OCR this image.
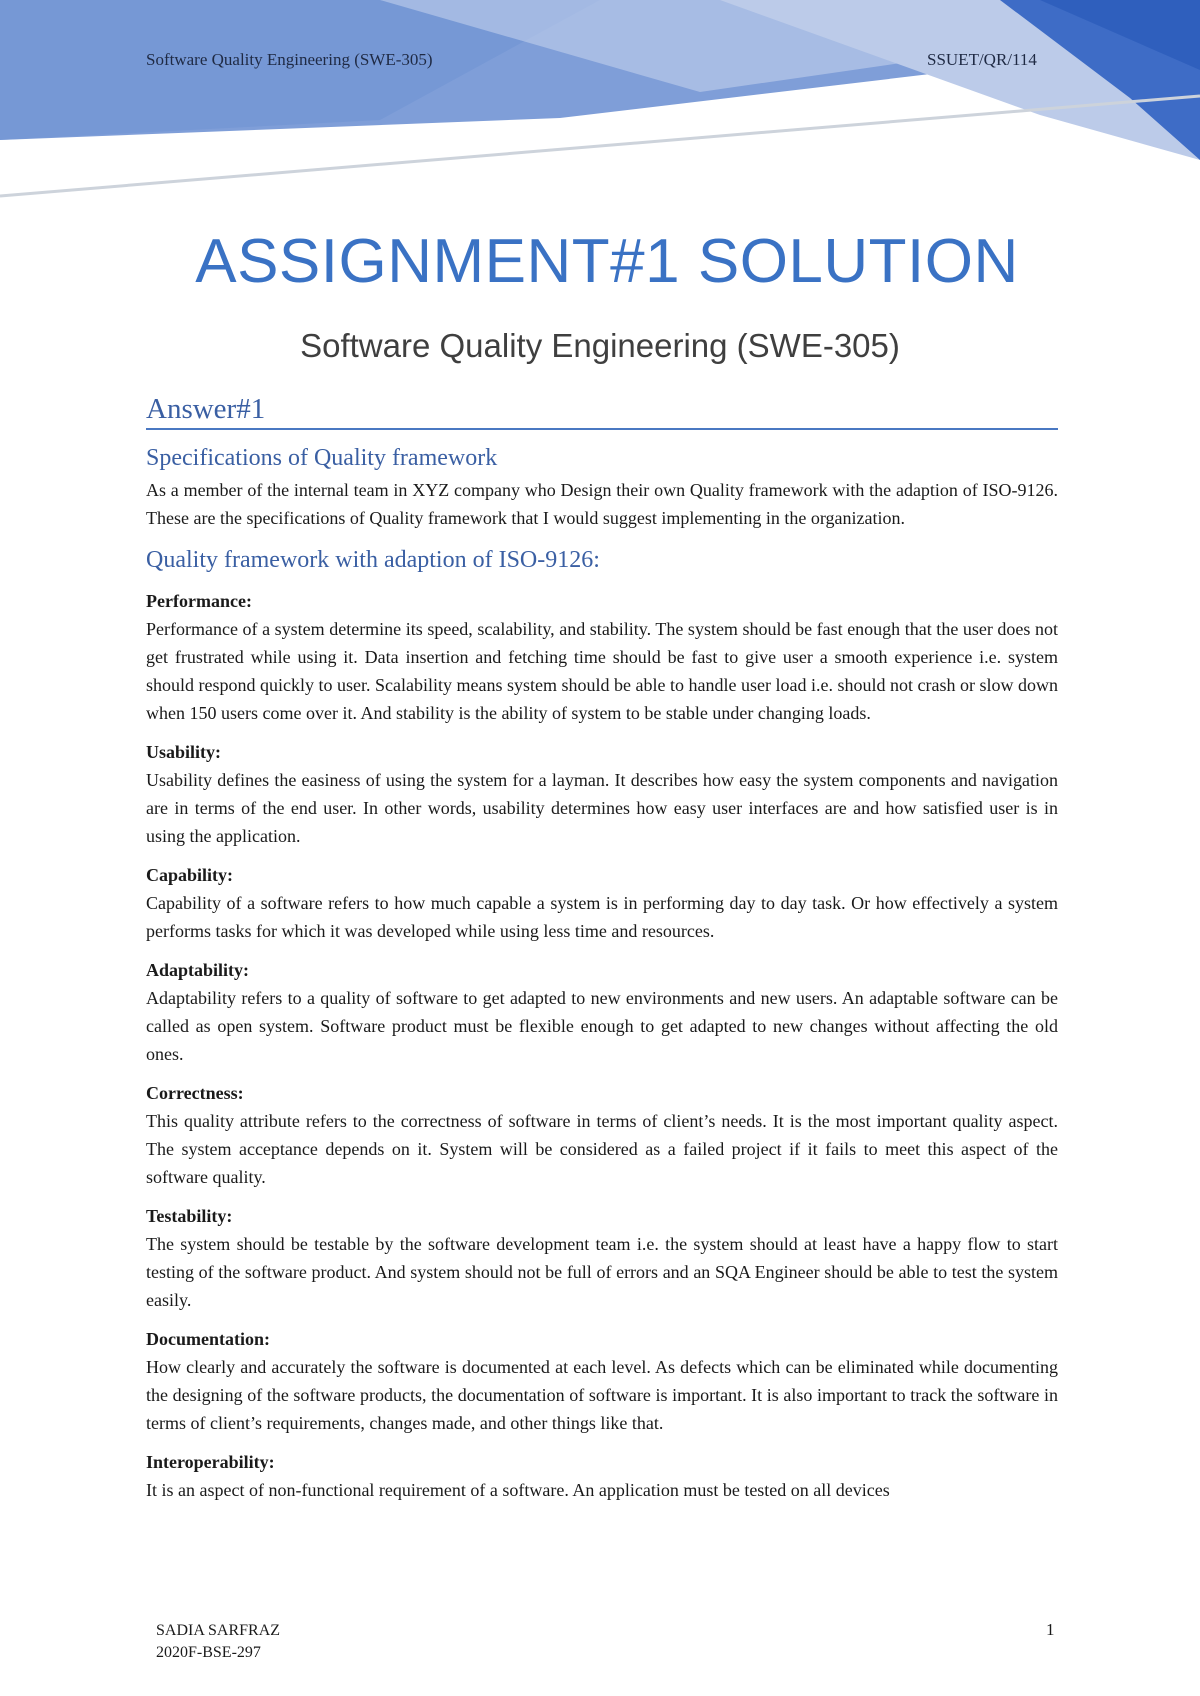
Software Quality Engineering (SWE-305)	SSUET/QR/114
ASSIGNMENT#1 SOLUTION
Software Quality Engineering (SWE-305)
Answer#1
Specifications of Quality framework

As a member of the internal team in XYZ company who Design their own Quality framework with the adaption of ISO-9126. These are the specifications of Quality framework that I would suggest implementing in the organization.

Quality framework with adaption of ISO-9126:
Performance:

Performance of a system determine its speed, scalability, and stability. The system should be fast enough that the user does not get frustrated while using it. Data insertion and fetching time should be fast to give user a smooth experience i.e. system should respond quickly to user. Scalability means system should be able to handle user load i.e. should not crash or slow down when 150 users come over it. And stability is the ability of system to be stable under changing loads.

Usability:

Usability defines the easiness of using the system for a layman. It describes how easy the system components and navigation are in terms of the end user. In other words, usability determines how easy user interfaces are and how satisfied user is in using the application.

Capability:

Capability of a software refers to how much capable a system is in performing day to day task. Or how effectively a system performs tasks for which it was developed while using less time and resources.

Adaptability:

Adaptability refers to a quality of software to get adapted to new environments and new users. An adaptable software can be called as open system. Software product must be flexible enough to get adapted to new changes without affecting the old ones.

Correctness:

This quality attribute refers to the correctness of software in terms of client’s needs. It is the most important quality aspect. The system acceptance depends on it. System will be considered as a failed project if it fails to meet this aspect of the software quality.

Testability:

The system should be testable by the software development team i.e. the system should at least have a happy flow to start testing of the software product. And system should not be full of errors and an SQA Engineer should be able to test the system easily.

Documentation:

How clearly and accurately the software is documented at each level. As defects which can be eliminated while documenting the designing of the software products, the documentation of software is important. It is also important to track the software in terms of client’s requirements, changes made, and other things like that.

Interoperability:

It is an aspect of non-functional requirement of a software. An application must be tested on all devices

SADIA SARFRAZ
2020F-BSE-297
1
